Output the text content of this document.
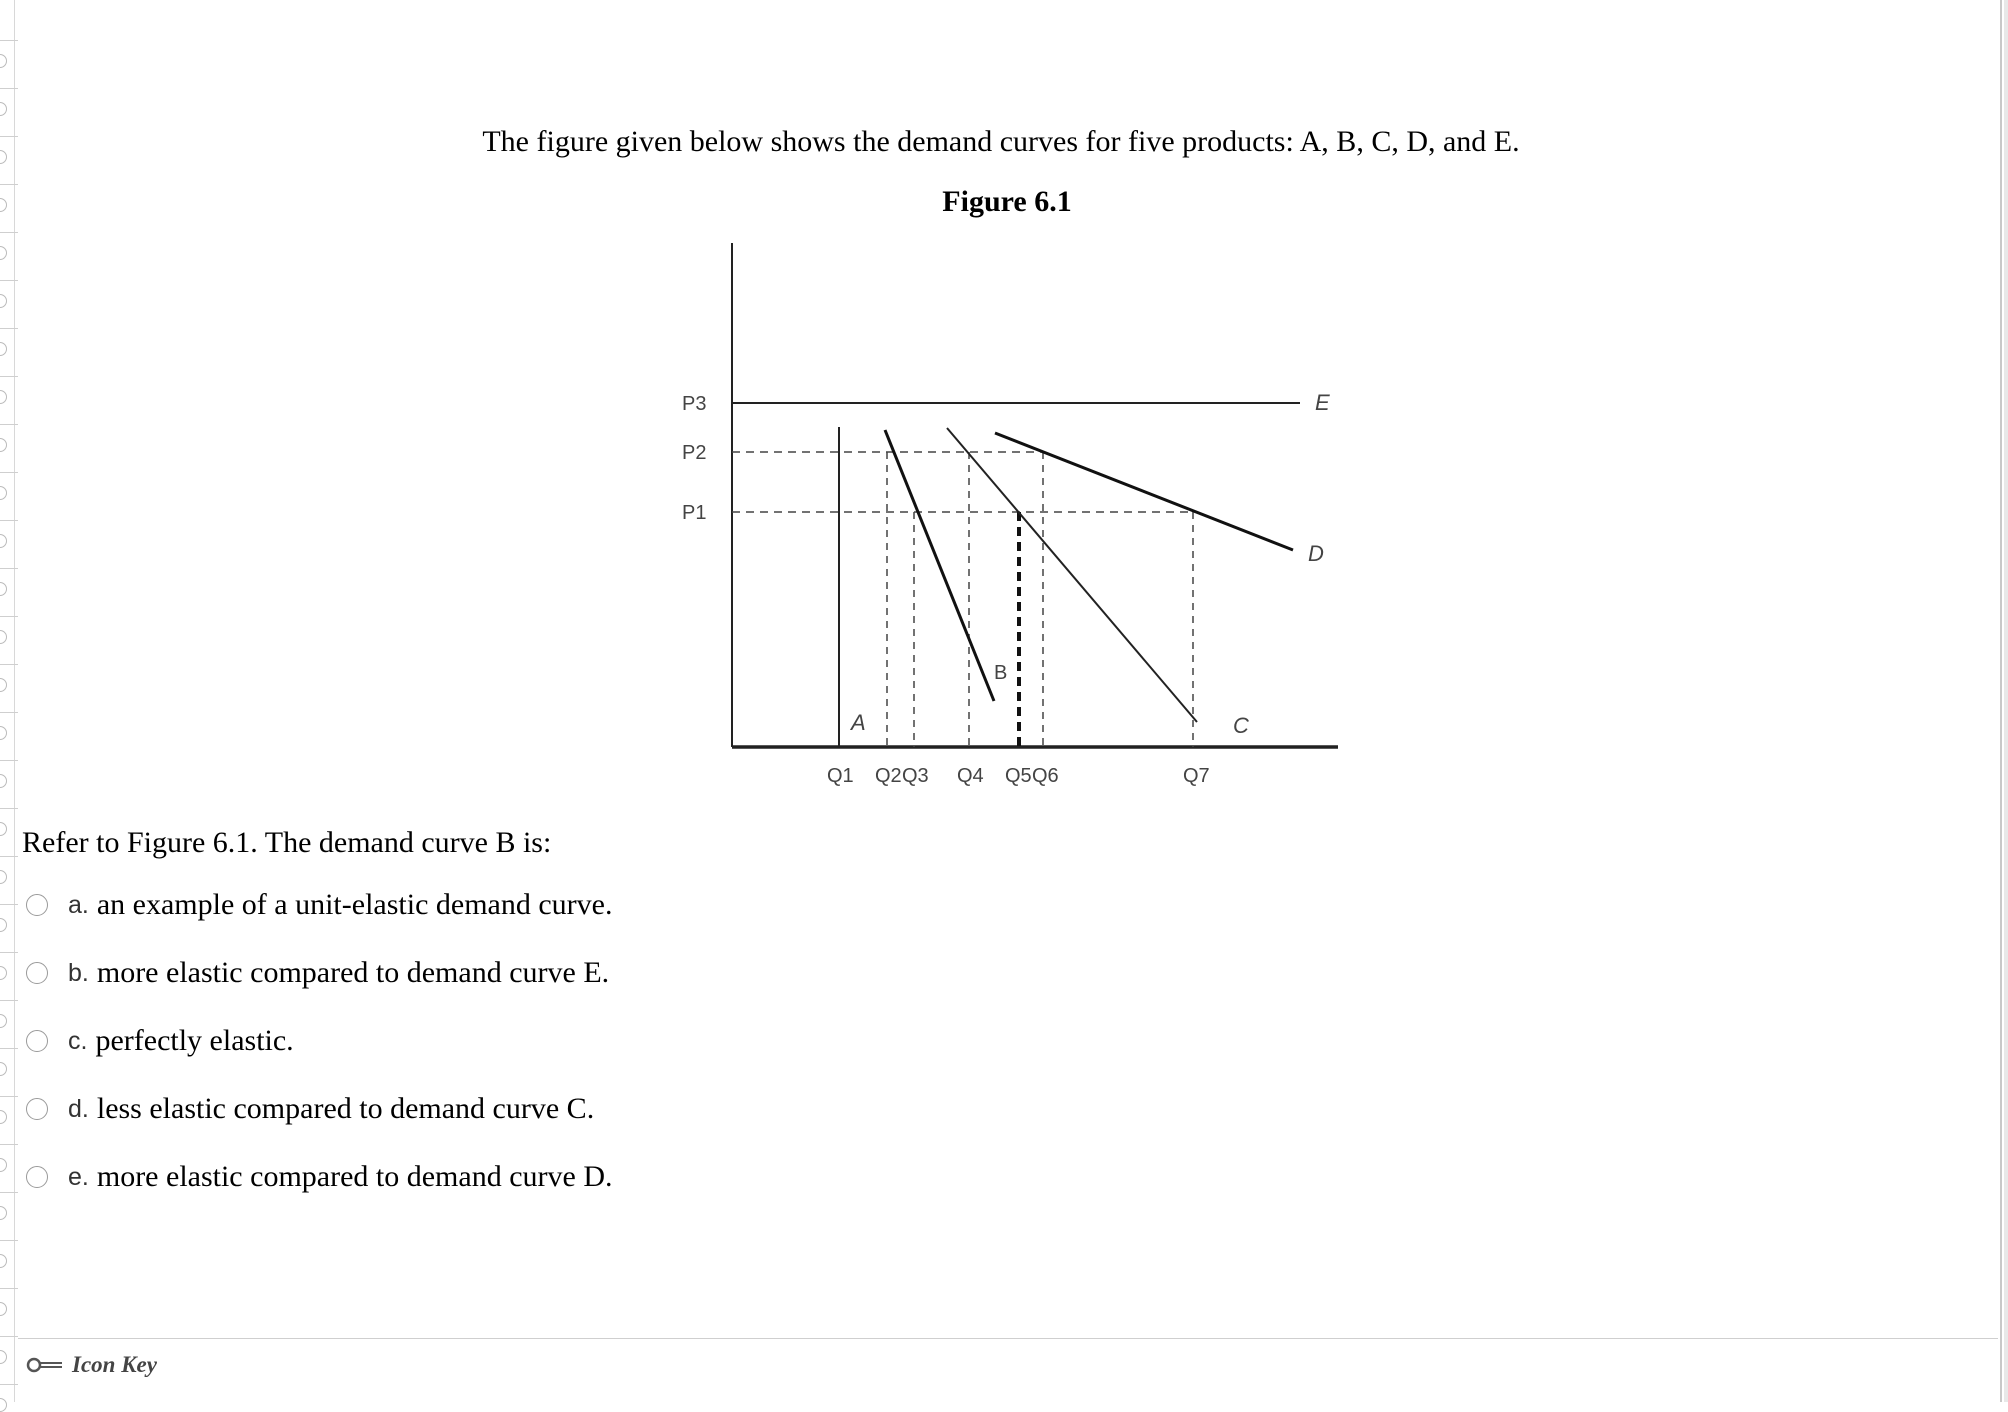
The figure given below shows the demand curves for five products: A, B, C, D, and E.
Figure 6.1
P3
P2
P1
Q1 Q2 Q3 Q4 Q5 Q6	Q7
A
B
C
D
E
Refer to Figure 6.1. The demand curve B is:
a. an example of a unit-elastic demand curve.
b. more elastic compared to demand curve E.
c. perfectly elastic.
d. less elastic compared to demand curve C.
e. more elastic compared to demand curve D.
Icon Key
